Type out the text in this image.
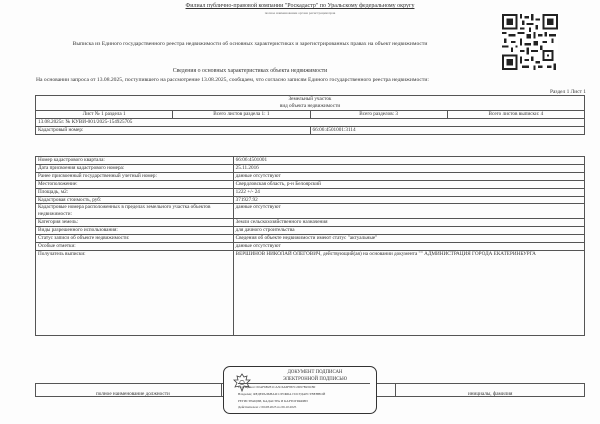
Филиал публично-правовой компании "Роскадастр" по Уральскому федеральному округу
полное наименование органа регистрации прав
Выписка из Единого государственного реестра недвижимости об основных характеристиках и зарегистрированных правах на объект недвижимости
Сведения о основных характеристиках объекта недвижимости
На основании запроса от 13.08.2025, поступившего на рассмотрение 13.08.2025, сообщаем, что согласно записям Единого государственного реестра недвижимости:
Раздел 1 Лист 1
Земельный участок
вид объекта недвижимости			

Лист № 1 раздела 1	Всего листов раздела 1: 1	Всего разделов: 3	Всего листов выписки: 4
13.08.2025г. № КУВИ-001/2025-154925705			
Кадастровый номер:		66:06:4501001:3114	
Номер кадастрового квартала:	66:06:4501001
Дата присвоения кадастрового номера:	25.11.2016
Ранее присвоенный государственный учетный номер:	данные отсутствуют
Местоположение:	Свердловская область, р-н Белоярский
Площадь, м2:	1222 +/- 24
Кадастровая стоимость, руб:	371927.92
Кадастровые номера расположенных в пределах земельного участка объектов недвижимости:	данные отсутствуют
Категория земель:	Земли сельскохозяйственного назначения
Виды разрешенного использования:	для дачного строительства
Статус записи об объекте недвижимости:	Сведения об объекте недвижимости имеют статус "актуальные"
Особые отметки:	данные отсутствуют
Получатель выписки:	ВЕРШИНОВ НИКОЛАЙ ОЛЕГОВИЧ, действующий(ая) на основании документа "" АДМИНИСТРАЦИЯ ГОРОДА ЕКАТЕРИНБУРГА
полное наименование должности	инициалы, фамилия
ДОКУМЕНТ ПОДПИСАН
ЭЛЕКТРОННОЙ ПОДПИСЬЮ
Сертификат: 00AF6B2E1CA3C6A6F867C2D97B2D1B0
Владелец: ФЕДЕРАЛЬНАЯ СЛУЖБА ГОСУДАРСТВЕННОЙ
РЕГИСТРАЦИИ, КАДАСТРА И КАРТОГРАФИИ
Действителен: с 06.08.2025 по 06.10.2025
